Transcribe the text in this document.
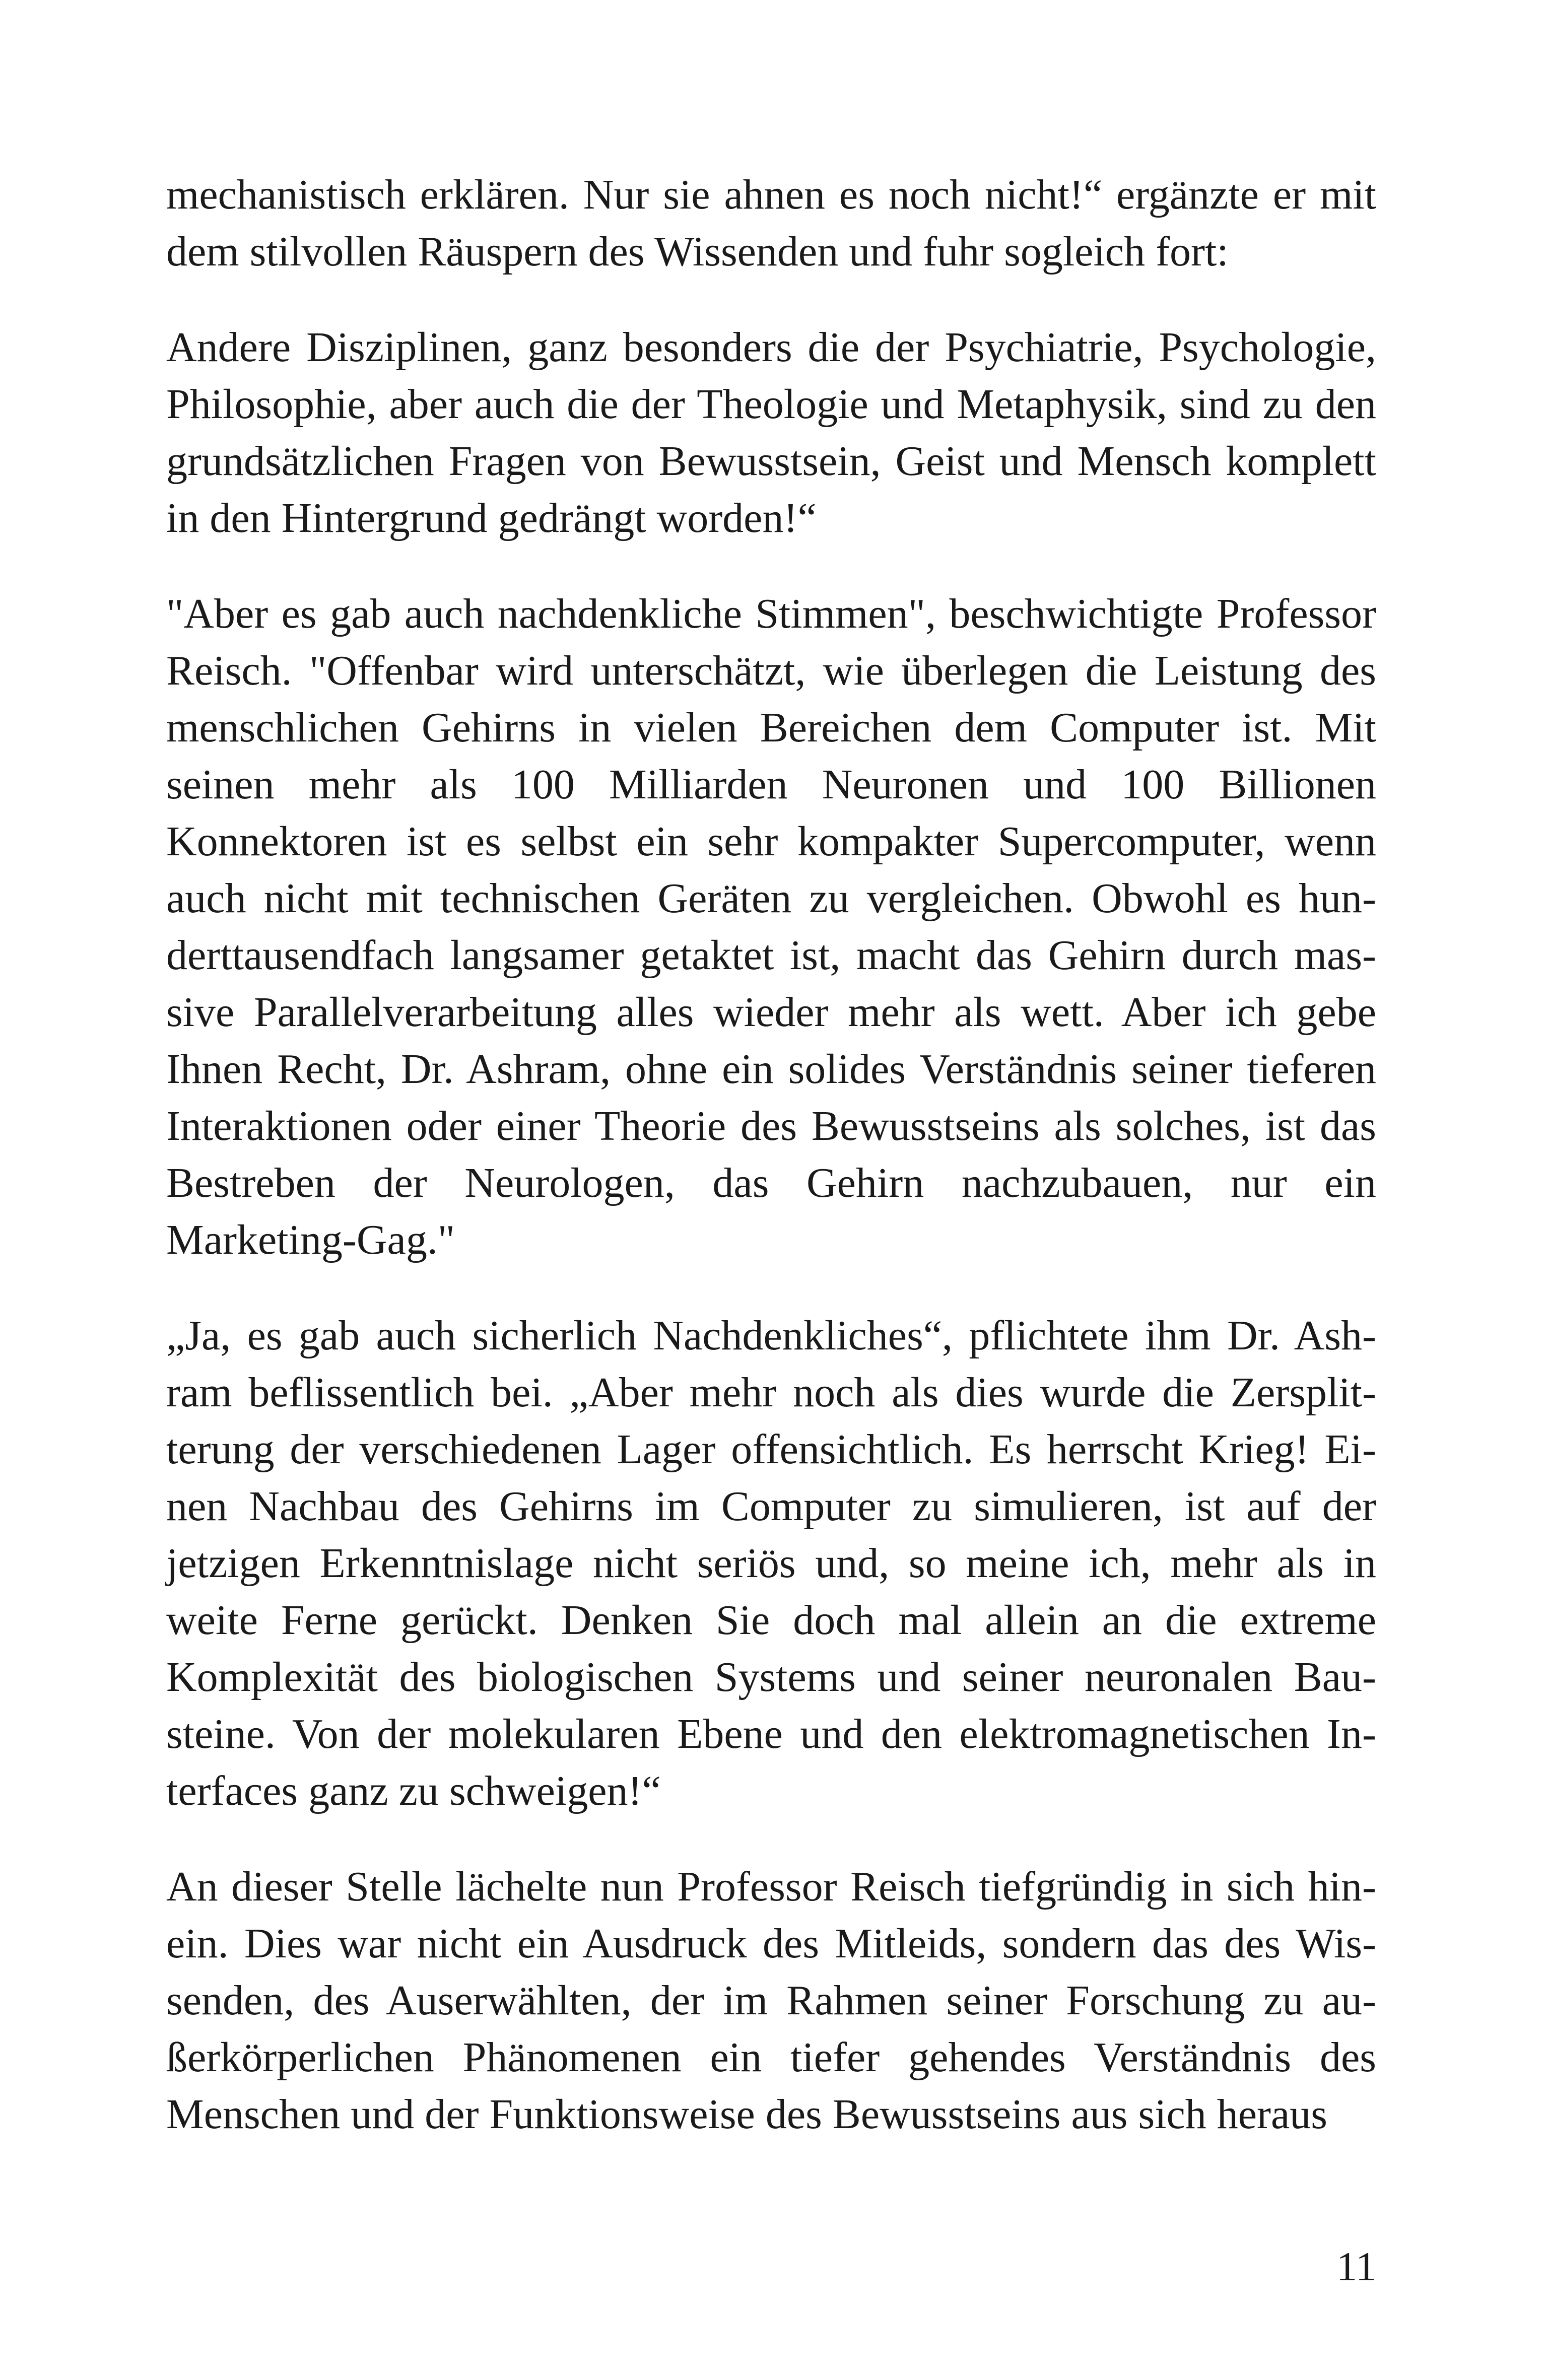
mechanistisch erklären. Nur sie ahnen es noch nicht!“ ergänzte er mit dem stilvollen Räuspern des Wissenden und fuhr sogleich fort:

Andere Disziplinen, ganz besonders die der Psychiatrie, Psychologie, Philosophie, aber auch die der Theologie und Metaphysik, sind zu den grundsätzlichen Fragen von Bewusstsein, Geist und Mensch komplett in den Hintergrund gedrängt worden!“

"Aber es gab auch nachdenkliche Stimmen", beschwichtigte Professor Reisch. "Offenbar wird unterschätzt, wie überlegen die Leistung des menschlichen Gehirns in vielen Bereichen dem Computer ist. Mit seinen mehr als 100 Milliarden Neuronen und 100 Billionen Konnektoren ist es selbst ein sehr kompakter Supercomputer, wenn auch nicht mit technischen Geräten zu vergleichen. Obwohl es hunderttausendfach langsamer getaktet ist, macht das Gehirn durch massive Parallelverarbeitung alles wieder mehr als wett. Aber ich gebe Ihnen Recht, Dr. Ashram, ohne ein solides Verständnis seiner tieferen Interaktionen oder einer Theorie des Bewusstseins als solches, ist das Bestreben der Neurologen, das Gehirn nachzubauen, nur ein Marketing-Gag."

„Ja, es gab auch sicherlich Nachdenkliches“, pflichtete ihm Dr. Ashram beflissentlich bei. „Aber mehr noch als dies wurde die Zersplitterung der verschiedenen Lager offensichtlich. Es herrscht Krieg! Einen Nachbau des Gehirns im Computer zu simulieren, ist auf der jetzigen Erkenntnislage nicht seriös und, so meine ich, mehr als in weite Ferne gerückt. Denken Sie doch mal allein an die extreme Komplexität des biologischen Systems und seiner neuronalen Bausteine. Von der molekularen Ebene und den elektromagnetischen Interfaces ganz zu schweigen!“

An dieser Stelle lächelte nun Professor Reisch tiefgründig in sich hinein. Dies war nicht ein Ausdruck des Mitleids, sondern das des Wissenden, des Auserwählten, der im Rahmen seiner Forschung zu außerkörperlichen Phänomenen ein tiefer gehendes Verständnis des Menschen und der Funktionsweise des Bewusstseins aus sich heraus

11
